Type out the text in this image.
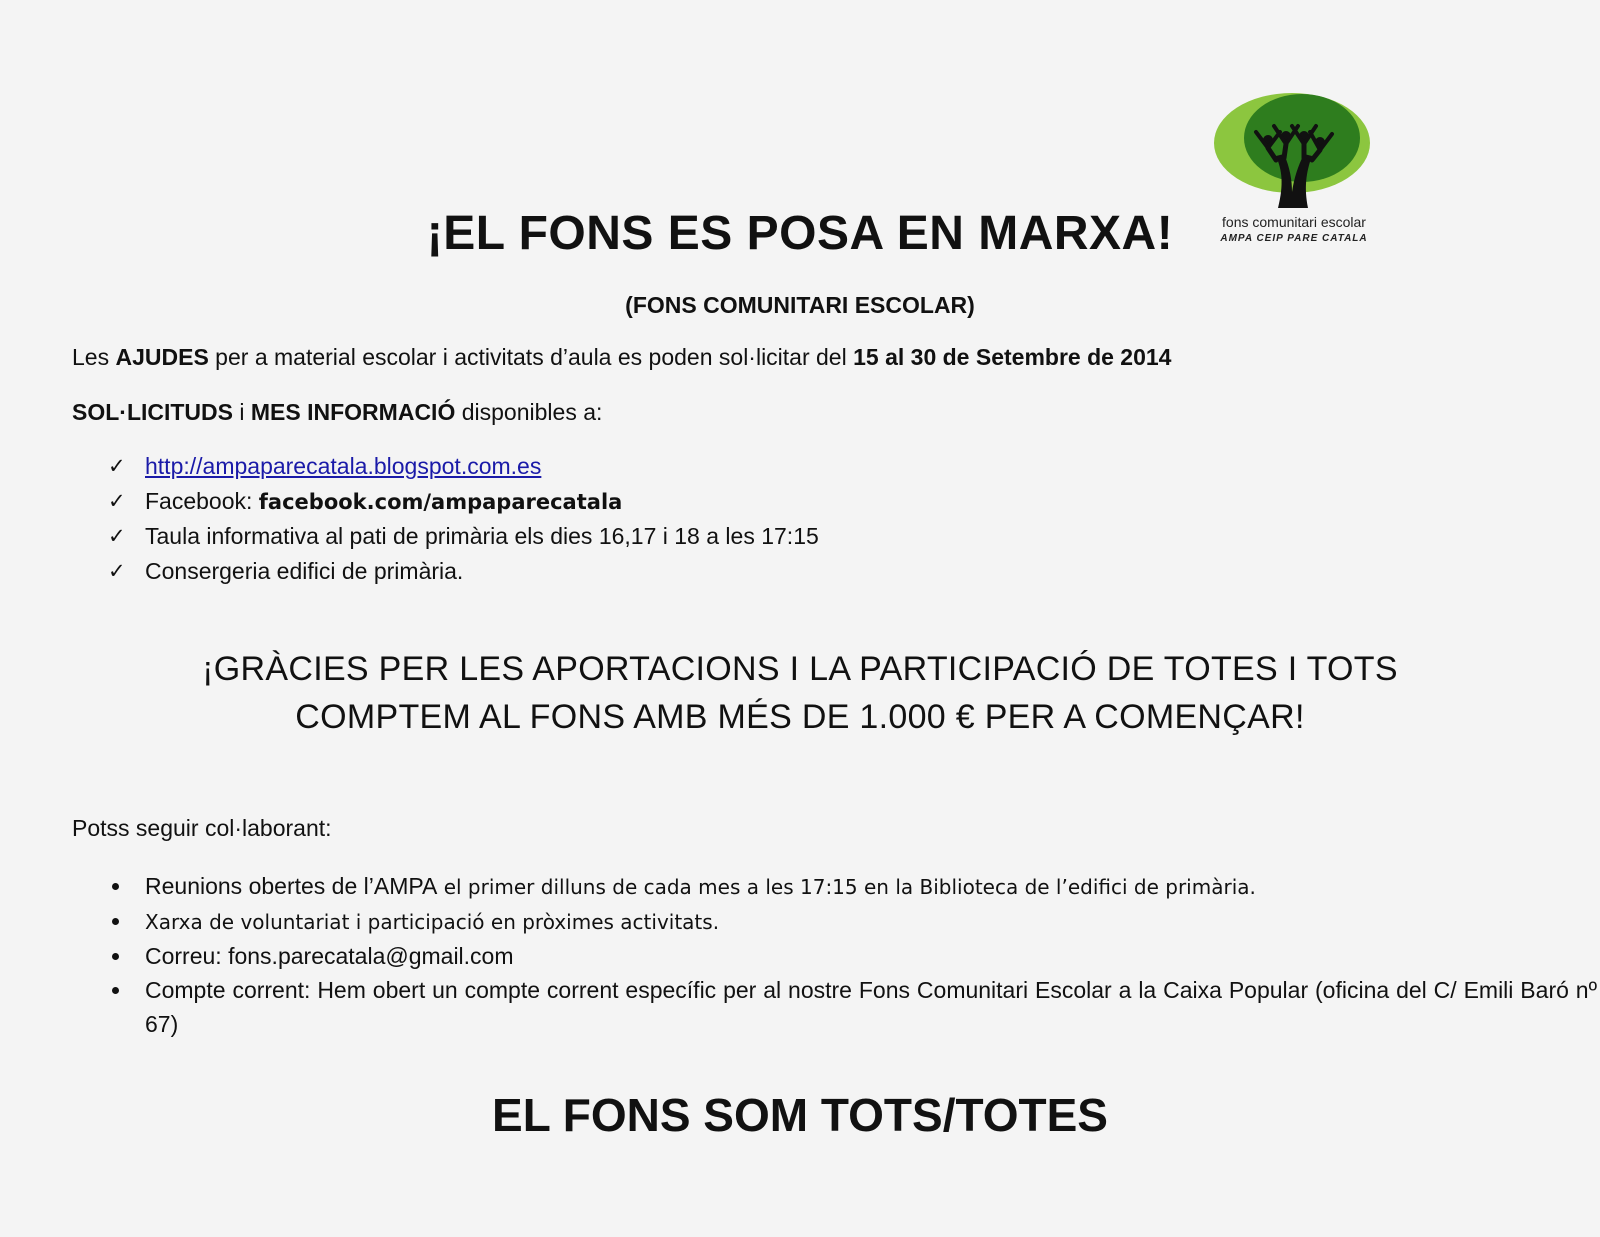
fons comunitari escolar
AMPA CEIP PARE CATALA
¡EL FONS ES POSA EN MARXA!
(FONS COMUNITARI ESCOLAR)
Les AJUDES per a material escolar i activitats d’aula es poden sol·licitar del 15 al 30 de Setembre de 2014
SOL·LICITUDS i MES INFORMACIÓ disponibles a:
✓ http://ampaparecatala.blogspot.com.es
✓ Facebook: facebook.com/ampaparecatala
✓ Taula informativa al pati de primària els dies 16,17 i 18 a les 17:15
✓ Consergeria edifici de primària.
¡GRÀCIES PER LES APORTACIONS I LA PARTICIPACIÓ DE TOTES I TOTS
COMPTEM AL FONS AMB MÉS DE 1.000 € PER A COMENÇAR!
Potss seguir col·laborant:
Reunions obertes de l’AMPA el primer dilluns de cada mes a les 17:15 en la Biblioteca de l’edifici de primària.
Xarxa de voluntariat i participació en pròximes activitats.
Correu: fons.parecatala@gmail.com
Compte corrent: Hem obert un compte corrent específic per al nostre Fons Comunitari Escolar a la Caixa Popular (oficina del C/ Emili Baró nº 67)
EL FONS SOM TOTS/TOTES
